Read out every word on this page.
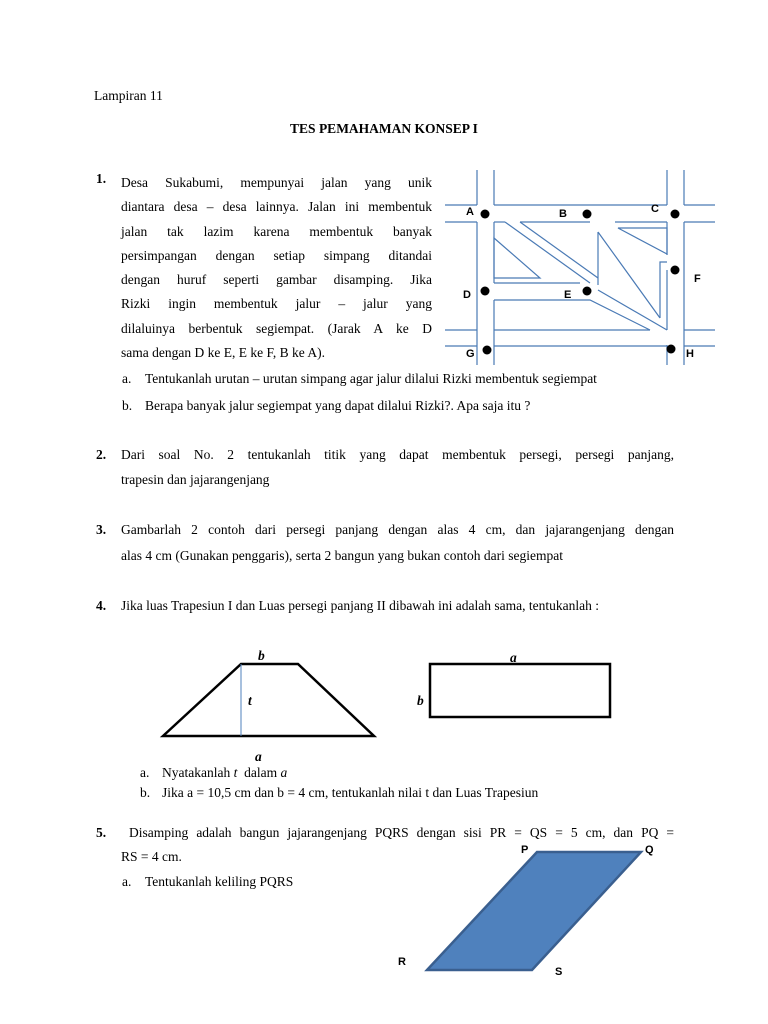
Lampiran 11
TES PEMAHAMAN KONSEP I
1. Desa Sukabumi, mempunyai jalan yang unik
diantara desa – desa lainnya. Jalan ini membentuk
jalan tak lazim karena membentuk banyak
persimpangan dengan setiap simpang ditandai
dengan huruf seperti gambar disamping. Jika
Rizki ingin membentuk jalur – jalur yang
dilaluinya berbentuk segiempat. (Jarak A ke D
sama dengan D ke E, E ke F, B ke A).
A	B	C
D	E
F
G	H
a. Tentukanlah urutan – urutan simpang agar jalur dilalui Rizki membentuk segiempat
b. Berapa banyak jalur segiempat yang dapat dilalui Rizki?. Apa saja itu ?
2. Dari soal No. 2 tentukanlah titik yang dapat membentuk persegi, persegi panjang,
trapesin dan jajarangenjang
3. Gambarlah 2 contoh dari persegi panjang dengan alas 4 cm, dan jajarangenjang dengan
alas 4 cm (Gunakan penggaris), serta 2 bangun yang bukan contoh dari segiempat
4. Jika luas Trapesiun I dan Luas persegi panjang II dibawah ini adalah sama, tentukanlah :
b
t
a
a
b
a. Nyatakanlah t  dalam a
b. Jika a = 10,5 cm dan b = 4 cm, tentukanlah nilai t dan Luas Trapesiun
5. Disamping adalah bangun jajarangenjang PQRS dengan sisi PR = QS = 5 cm, dan PQ =
RS = 4 cm.
a. Tentukanlah keliling PQRS
P	Q
R
S
